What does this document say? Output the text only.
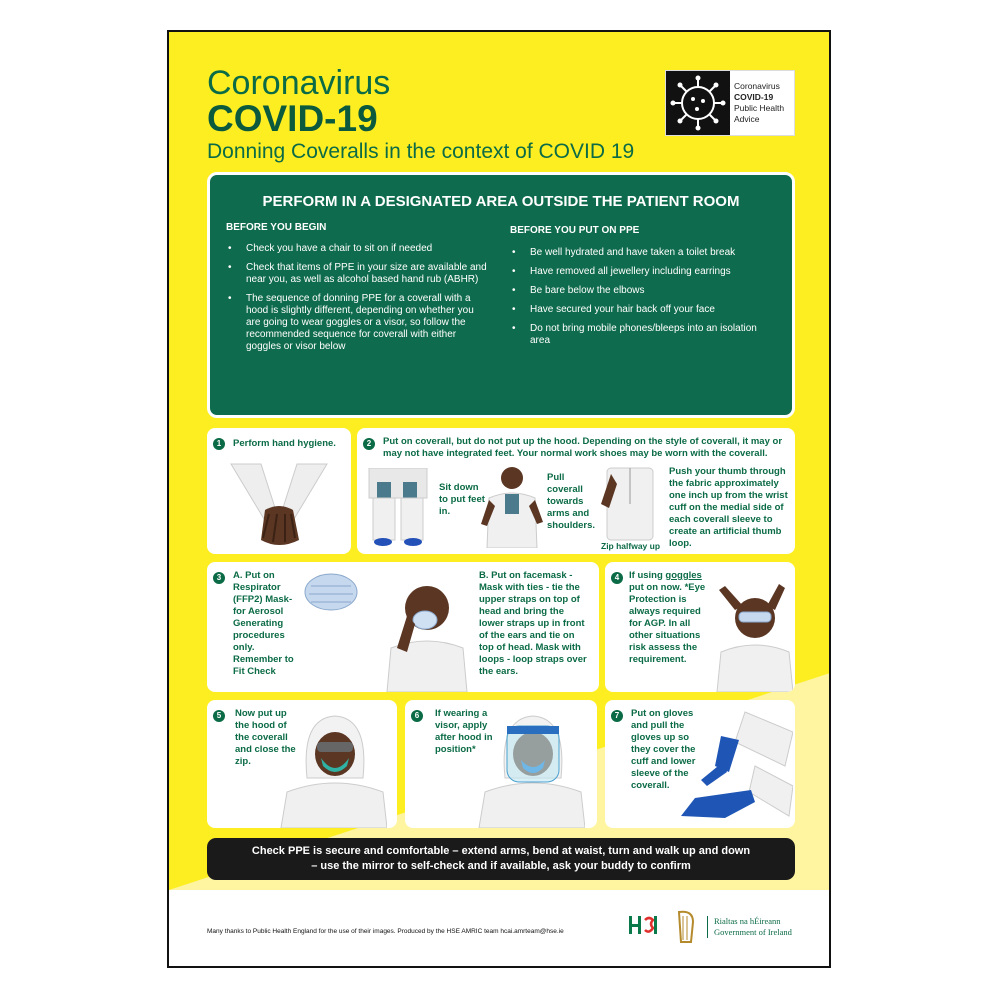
Coronavirus
COVID-19
Donning Coveralls in the context of COVID 19
Coronavirus
COVID-19
Public Health
Advice
PERFORM IN A DESIGNATED AREA OUTSIDE THE PATIENT ROOM
BEFORE YOU BEGIN
• Check you have a chair to sit on if needed
• Check that items of PPE in your size are available and near you, as well as alcohol based hand rub (ABHR)
• The sequence of donning PPE for a coverall with a hood is slightly different, depending on whether you are going to wear goggles or a visor, so follow the recommended sequence for coverall with either goggles or visor below
BEFORE YOU PUT ON PPE
• Be well hydrated and have taken a toilet break
• Have removed all jewellery including earrings
• Be bare below the elbows
• Have secured your hair back off your face
• Do not bring mobile phones/bleeps into an isolation area
1	Perform hand hygiene.	2	Put on coverall, but do not put up the hood. Depending on the style of coverall, it may or may not have integrated feet. Your normal work shoes may be worn with the coverall.
Sit down to put feet in.
Pull coverall towards arms and shoulders.
Zip halfway up
Push your thumb through the fabric approximately one inch up from the wrist cuff on the medial side of each coverall sleeve to create an artificial thumb loop.
3	A. Put on Respirator (FFP2) Mask- for Aerosol Generating procedures only. Remember to Fit Check
B. Put on facemask - Mask with ties - tie the upper straps on top of head and bring the lower straps up in front of the ears and tie on top of head. Mask with loops - loop straps over the ears.
4	If using goggles put on now. *Eye Protection is always required for AGP. In all other situations risk assess the requirement.
5	Now put up the hood of the coverall and close the zip.
6	If wearing a visor, apply after hood in position*
7	Put on gloves and pull the gloves up so they cover the cuff and lower sleeve of the coverall.
Check PPE is secure and comfortable – extend arms, bend at waist, turn and walk up and down
– use the mirror to self-check and if available, ask your buddy to confirm
Many thanks to Public Health England for the use of their images. Produced by the HSE AMRIC team hcai.amrteam@hse.ie
Rialtas na hÉireann
Government of Ireland
